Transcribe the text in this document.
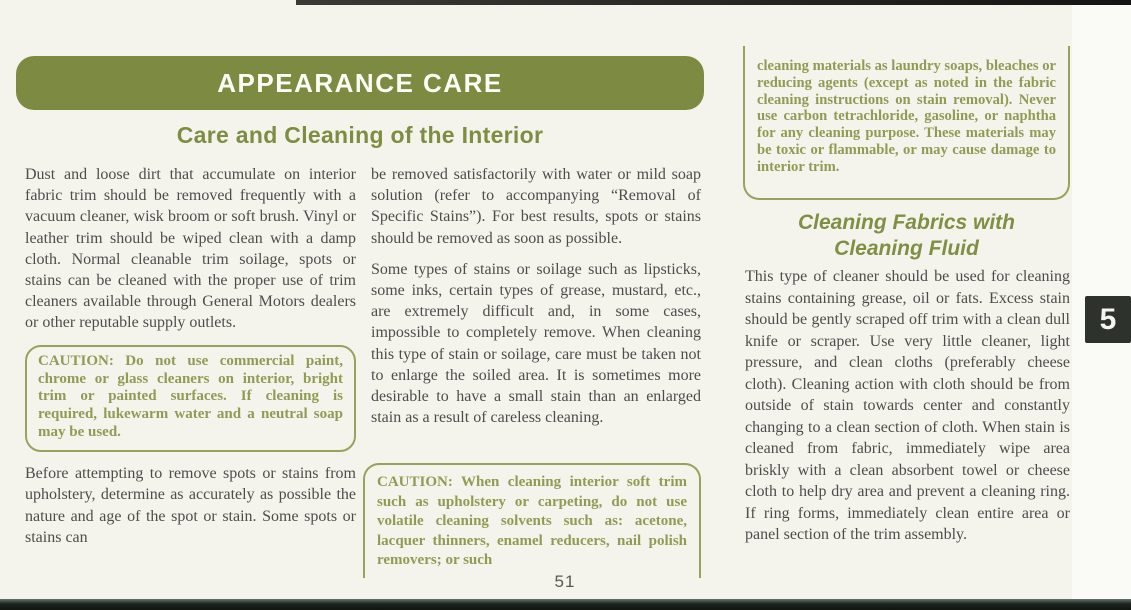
APPEARANCE CARE
Care and Cleaning of the Interior

Dust and loose dirt that accumulate on interior fabric trim should be removed frequently with a vacuum cleaner, wisk broom or soft brush. Vinyl or leather trim should be wiped clean with a damp cloth. Normal cleanable trim soilage, spots or stains can be cleaned with the proper use of trim cleaners available through General Motors dealers or other reputable supply outlets.

CAUTION: Do not use commercial paint, chrome or glass cleaners on interior, bright trim or painted surfaces. If cleaning is required, lukewarm water and a neutral soap may be used.

Before attempting to remove spots or stains from upholstery, determine as accurately as possible the nature and age of the spot or stain. Some spots or stains can

be removed satisfactorily with water or mild soap solution (refer to accompanying “Removal of Specific Stains”). For best results, spots or stains should be removed as soon as possible.

Some types of stains or soilage such as lipsticks, some inks, certain types of grease, mustard, etc., are extremely difficult and, in some cases, impossible to completely remove. When cleaning this type of stain or soilage, care must be taken not to enlarge the soiled area. It is sometimes more desirable to have a small stain than an enlarged stain as a result of careless cleaning.

CAUTION: When cleaning interior soft trim such as upholstery or carpeting, do not use volatile cleaning solvents such as: acetone, lacquer thinners, enamel reducers, nail polish removers; or such

cleaning materials as laundry soaps, bleaches or reducing agents (except as noted in the fabric cleaning instructions on stain removal). Never use carbon tetrachloride, gasoline, or naphtha for any cleaning purpose. These materials may be toxic or flammable, or may cause damage to interior trim.

Cleaning Fabrics with
Cleaning Fluid

This type of cleaner should be used for cleaning stains containing grease, oil or fats. Excess stain should be gently scraped off trim with a clean dull knife or scraper. Use very little cleaner, light pressure, and clean cloths (preferably cheese cloth). Cleaning action with cloth should be from outside of stain towards center and constantly changing to a clean section of cloth. When stain is cleaned from fabric, immediately wipe area briskly with a clean absorbent towel or cheese cloth to help dry area and prevent a cleaning ring. If ring forms, immediately clean entire area or panel section of the trim assembly.

51
5
